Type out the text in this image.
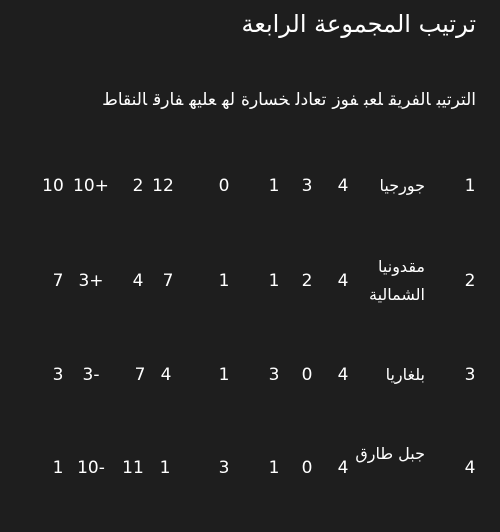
ترتيب المجموعة الرابعة
الترتيبالفريقلعبفوزتعادلخسارةلهعليهفارقالنقاط
1
جورجيا
4
3
1
0
12
2
10+
10
2
مقدونيا الشمالية
4
2
1
1
7
4
3+
7
3
بلغاريا
4
0
3
1
4
7
3-
3
4
جبل طارق
4
0
1
3
1
11
10-
1
